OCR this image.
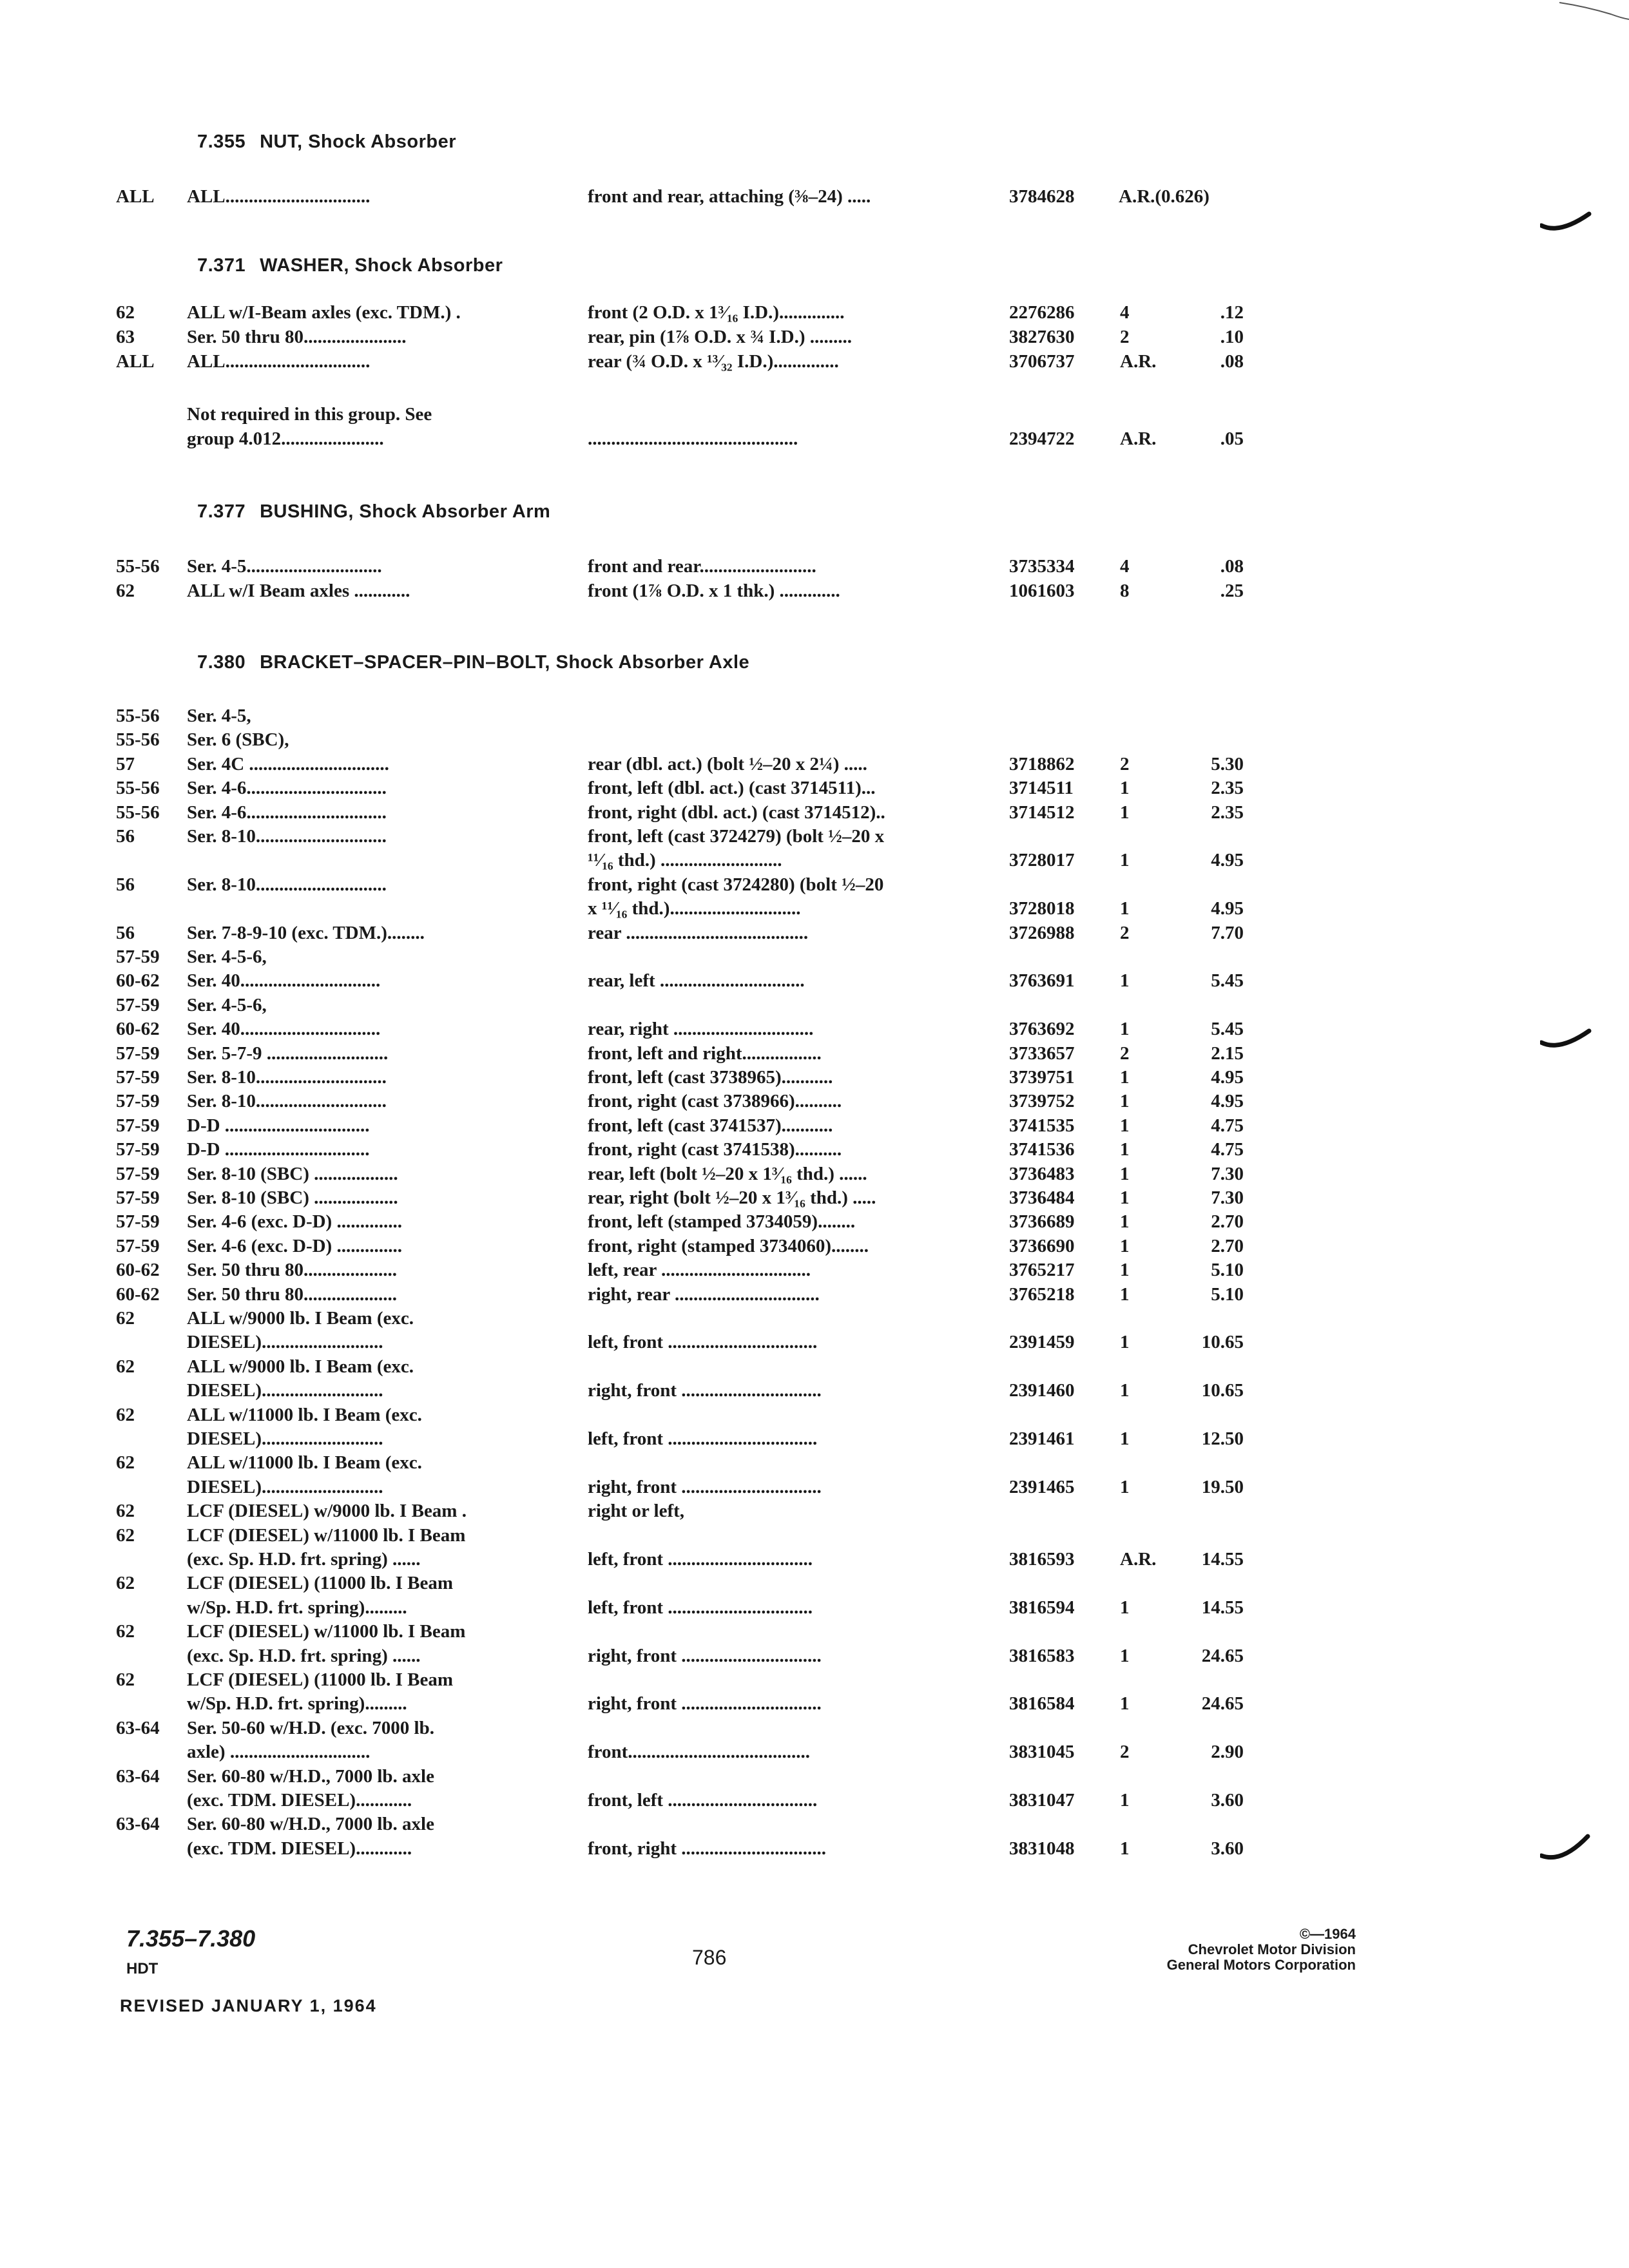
7.355 NUT, Shock Absorber
7.371 WASHER, Shock Absorber
7.377 BUSHING, Shock Absorber Arm
7.380 BRACKET–SPACER–PIN–BOLT, Shock Absorber Axle
ALL ALL...............................	front and rear, attaching (⅜–24) .....	3784628 A.R.(0.626)
62	ALL w/I-Beam axles (exc. TDM.) .	front (2 O.D. x 1³⁄₁₆ I.D.)..............	2276286 4	.12
63	Ser. 50 thru 80......................	rear, pin (1⅞ O.D. x ¾ I.D.) .........	3827630 2	.10
ALL ALL...............................	rear (¾ O.D. x ¹³⁄₃₂ I.D.)..............	3706737 A.R.	.08
Not required in this group. See
group 4.012......................	.............................................	2394722 A.R.	.05
55-56 Ser. 4-5.............................	front and rear.........................	3735334 4	.08
62	ALL w/I Beam axles ............	front (1⅞ O.D. x 1 thk.) .............	1061603 8	.25
55-56 Ser. 4-5,
55-56 Ser. 6 (SBC),
57	Ser. 4C ..............................	rear (dbl. act.) (bolt ½–20 x 2¼) .....	3718862 2	5.30
55-56 Ser. 4-6..............................	front, left (dbl. act.) (cast 3714511)...	3714511 1	2.35
55-56 Ser. 4-6..............................	front, right (dbl. act.) (cast 3714512)..	3714512 1	2.35
56	Ser. 8-10............................	front, left (cast 3724279) (bolt ½–20 x
¹¹⁄₁₆ thd.) ..........................	3728017 1	4.95
56	Ser. 8-10............................	front, right (cast 3724280) (bolt ½–20
x ¹¹⁄₁₆ thd.)............................	3728018 1	4.95
56	Ser. 7-8-9-10 (exc. TDM.)........	rear .......................................	3726988 2	7.70
57-59 Ser. 4-5-6,
60-62 Ser. 40..............................	rear, left ...............................	3763691 1	5.45
57-59 Ser. 4-5-6,
60-62 Ser. 40..............................	rear, right ..............................	3763692 1	5.45
57-59 Ser. 5-7-9 ..........................	front, left and right.................	3733657 2	2.15
57-59 Ser. 8-10............................	front, left (cast 3738965)...........	3739751 1	4.95
57-59 Ser. 8-10............................	front, right (cast 3738966)..........	3739752 1	4.95
57-59 D-D ...............................	front, left (cast 3741537)...........	3741535 1	4.75
57-59 D-D ...............................	front, right (cast 3741538)..........	3741536 1	4.75
57-59 Ser. 8-10 (SBC) ..................	rear, left (bolt ½–20 x 1³⁄₁₆ thd.) ......	3736483 1	7.30
57-59 Ser. 8-10 (SBC) ..................	rear, right (bolt ½–20 x 1³⁄₁₆ thd.) .....	3736484 1	7.30
57-59 Ser. 4-6 (exc. D-D) ..............	front, left (stamped 3734059)........	3736689 1	2.70
57-59 Ser. 4-6 (exc. D-D) ..............	front, right (stamped 3734060)........	3736690 1	2.70
60-62 Ser. 50 thru 80....................	left, rear ................................	3765217 1	5.10
60-62 Ser. 50 thru 80....................	right, rear ...............................	3765218 1	5.10
62	ALL w/9000 lb. I Beam (exc.
DIESEL)..........................	left, front ................................	2391459 1	10.65
62	ALL w/9000 lb. I Beam (exc.
DIESEL)..........................	right, front ..............................	2391460 1	10.65
62	ALL w/11000 lb. I Beam (exc.
DIESEL)..........................	left, front ................................	2391461 1	12.50
62	ALL w/11000 lb. I Beam (exc.
DIESEL)..........................	right, front ..............................	2391465 1	19.50
62	LCF (DIESEL) w/9000 lb. I Beam .	right or left,
62	LCF (DIESEL) w/11000 lb. I Beam
(exc. Sp. H.D. frt. spring) ......	left, front ...............................	3816593 A.R. 14.55
62	LCF (DIESEL) (11000 lb. I Beam
w/Sp. H.D. frt. spring).........	left, front ...............................	3816594 1	14.55
62	LCF (DIESEL) w/11000 lb. I Beam
(exc. Sp. H.D. frt. spring) ......	right, front ..............................	3816583 1	24.65
62	LCF (DIESEL) (11000 lb. I Beam
w/Sp. H.D. frt. spring).........	right, front ..............................	3816584 1	24.65
63-64 Ser. 50-60 w/H.D. (exc. 7000 lb.
axle) ..............................	front.......................................	3831045 2	2.90
63-64 Ser. 60-80 w/H.D., 7000 lb. axle
(exc. TDM. DIESEL)............	front, left ................................	3831047 1	3.60
63-64 Ser. 60-80 w/H.D., 7000 lb. axle
(exc. TDM. DIESEL)............	front, right ...............................	3831048 1	3.60
7.355–7.380
HDT	786
REVISED JANUARY 1, 1964
©—1964
Chevrolet Motor Division
General Motors Corporation
